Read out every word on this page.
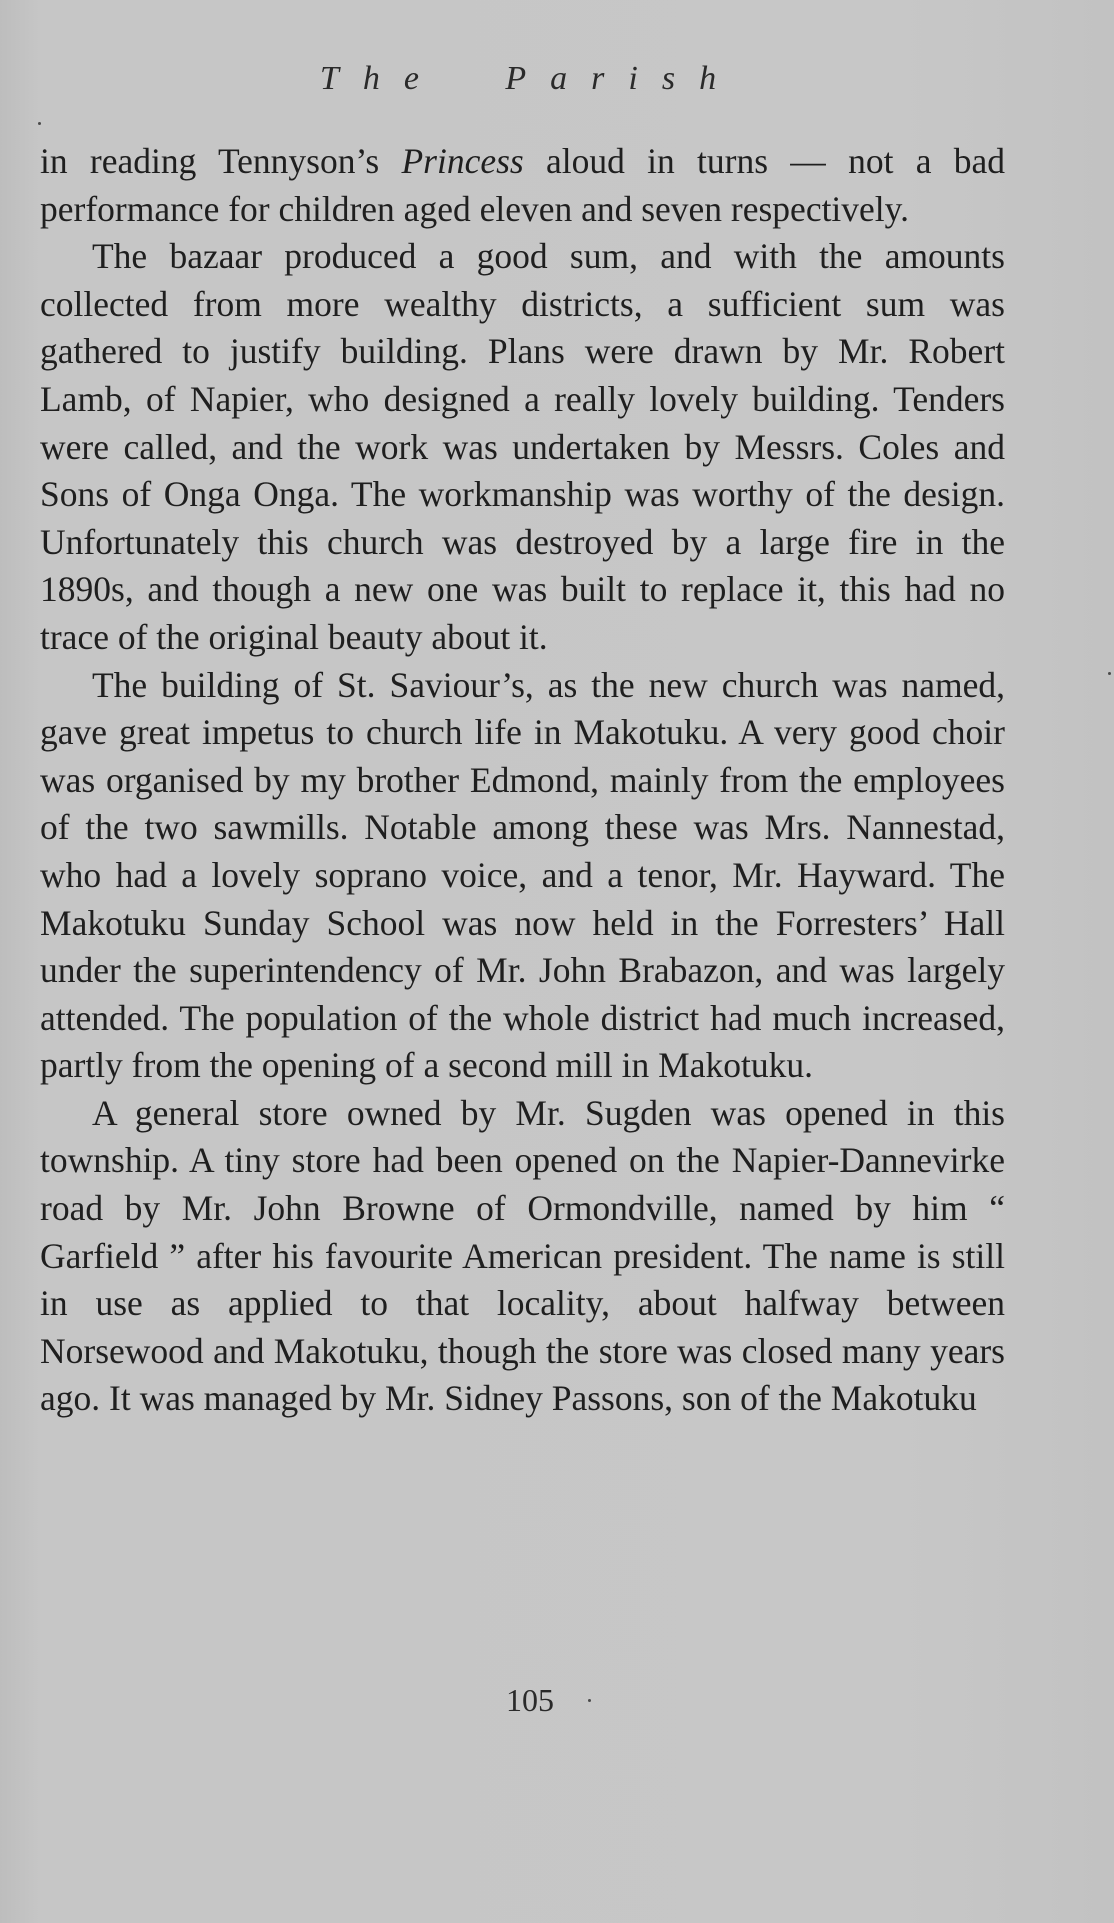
The Parish

in reading Tennyson’s Princess aloud in turns — not a bad performance for children aged eleven and seven respectively.

The bazaar produced a good sum, and with the amounts collected from more wealthy districts, a sufficient sum was gathered to justify building. Plans were drawn by Mr. Robert Lamb, of Napier, who designed a really lovely building. Tenders were called, and the work was undertaken by Messrs. Coles and Sons of Onga Onga. The workmanship was worthy of the design. Unfortunately this church was destroyed by a large fire in the 1890s, and though a new one was built to replace it, this had no trace of the original beauty about it.

The building of St. Saviour’s, as the new church was named, gave great impetus to church life in Makotuku. A very good choir was organised by my brother Edmond, mainly from the employees of the two sawmills. Notable among these was Mrs. Nannestad, who had a lovely soprano voice, and a tenor, Mr. Hayward. The Makotuku Sunday School was now held in the Forresters’ Hall under the superintendency of Mr. John Brabazon, and was largely attended. The population of the whole district had much increased, partly from the opening of a second mill in Makotuku.

A general store owned by Mr. Sugden was opened in this township. A tiny store had been opened on the Napier-Dannevirke road by Mr. John Browne of Ormondville, named by him “ Garfield ” after his favourite American president. The name is still in use as applied to that locality, about halfway between Norsewood and Makotuku, though the store was closed many years ago. It was managed by Mr. Sidney Passons, son of the Makotuku

105
